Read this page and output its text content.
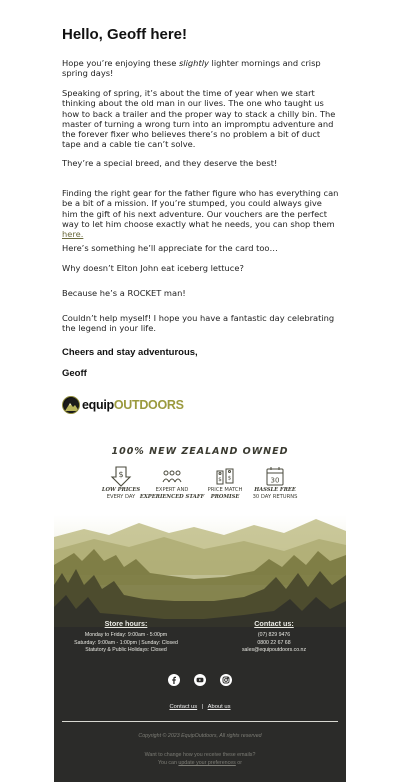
Hello, Geoff here!

Hope you’re enjoying these slightly lighter mornings and crisp spring days!

Speaking of spring, it’s about the time of year when we start thinking about the old man in our lives. The one who taught us how to back a trailer and the proper way to stack a chilly bin. The master of turning a wrong turn into an impromptu adventure and the forever fixer who believes there’s no problem a bit of duct tape and a cable tie can’t solve.

They’re a special breed, and they deserve the best!

Finding the right gear for the father figure who has everything can be a bit of a mission. If you’re stumped, you could always give him the gift of his next adventure. Our vouchers are the perfect way to let him choose exactly what he needs, you can shop them here.

Here’s something he’ll appreciate for the card too…

Why doesn’t Elton John eat iceberg lettuce?

Because he’s a ROCKET man!

Couldn’t help myself! I hope you have a fantastic day celebrating the legend in your life.

Cheers and stay adventurous,

Geoff

equipOUTDOORS
100% NEW ZEALAND OWNED
$
LOW PRICES
EVERY DAY
EXPERT AND
EXPERIENCED STAFF
$ $
PRICE MATCH
PROMISE
30
HASSLE FREE
30 DAY RETURNS
Store hours:
Monday to Friday: 9:00am - 5:00pm
Saturday: 9:00am - 1:00pm | Sunday: Closed
Statutory & Public Holidays: Closed
Contact us:
(07) 829 9476
0800 22 67 68
sales@equipoutdoors.co.nz
Contact us | About us
Copyright © 2023 EquipOutdoors, All rights reserved
Want to change how you receive these emails?
You can update your preferences or
